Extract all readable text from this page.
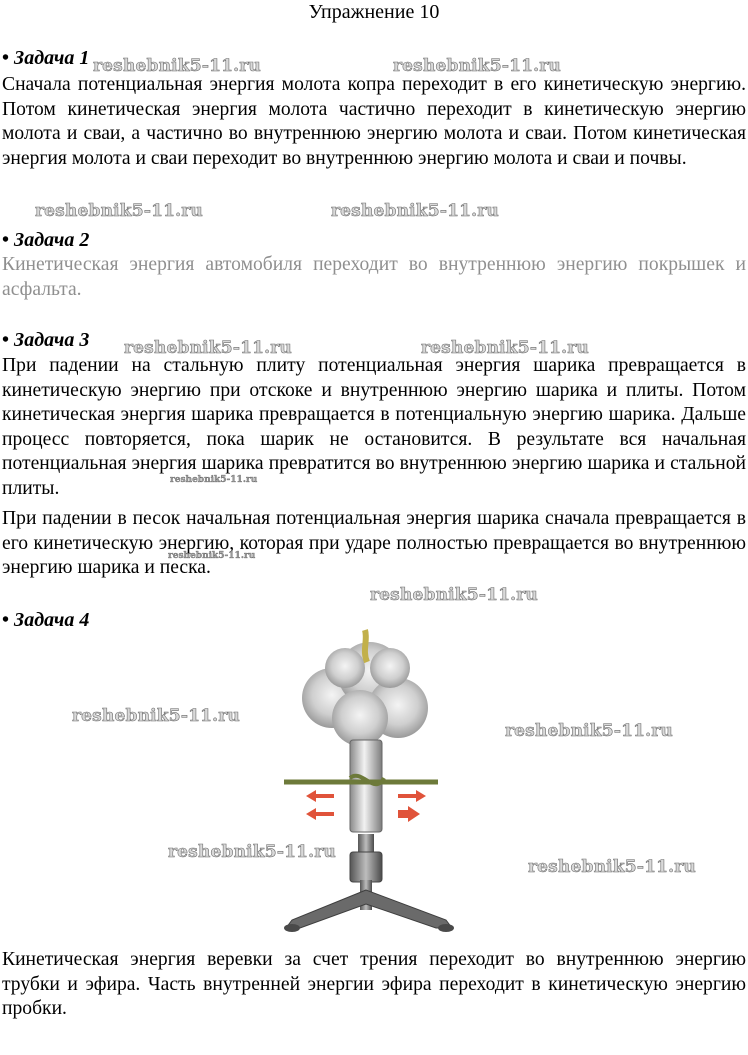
Упражнение 10
• Задача 1

Сначала потенциальная энергия молота копра переходит в его кинетическую энергию. Потом кинетическая энергия молота частично переходит в кинетическую энергию молота и сваи, а частично во внутреннюю энергию молота и сваи. Потом кинетическая энергия молота и сваи переходит во внутреннюю энергию молота и сваи и почвы.

• Задача 2

Кинетическая энергия автомобиля переходит во внутреннюю энергию покрышек и асфальта.

• Задача 3

При падении на стальную плиту потенциальная энергия шарика превращается в кинетическую энергию при отскоке и внутреннюю энергию шарика и плиты. Потом кинетическая энергия шарика превращается в потенциальную энергию шарика. Дальше процесс повторяется, пока шарик не остановится. В результате вся начальная потенциальная энергия шарика превратится во внутреннюю энергию шарика и стальной плиты.

При падении в песок начальная потенциальная энергия шарика сначала превращается в его кинетическую энергию, которая при ударе полностью превращается во внутреннюю энергию шарика и песка.

• Задача 4

Кинетическая энергия веревки за счет трения переходит во внутреннюю энергию трубки и эфира. Часть внутренней энергии эфира переходит в кинетическую энергию пробки.

reshebnik5-11.ru	reshebnik5-11.ru
reshebnik5-11.ru	reshebnik5-11.ru
reshebnik5-11.ru	reshebnik5-11.ru
reshebnik5-11.ru
reshebnik5-11.ru
reshebnik5-11.ru
reshebnik5-11.ru
reshebnik5-11.ru
reshebnik5-11.ru
reshebnik5-11.ru
